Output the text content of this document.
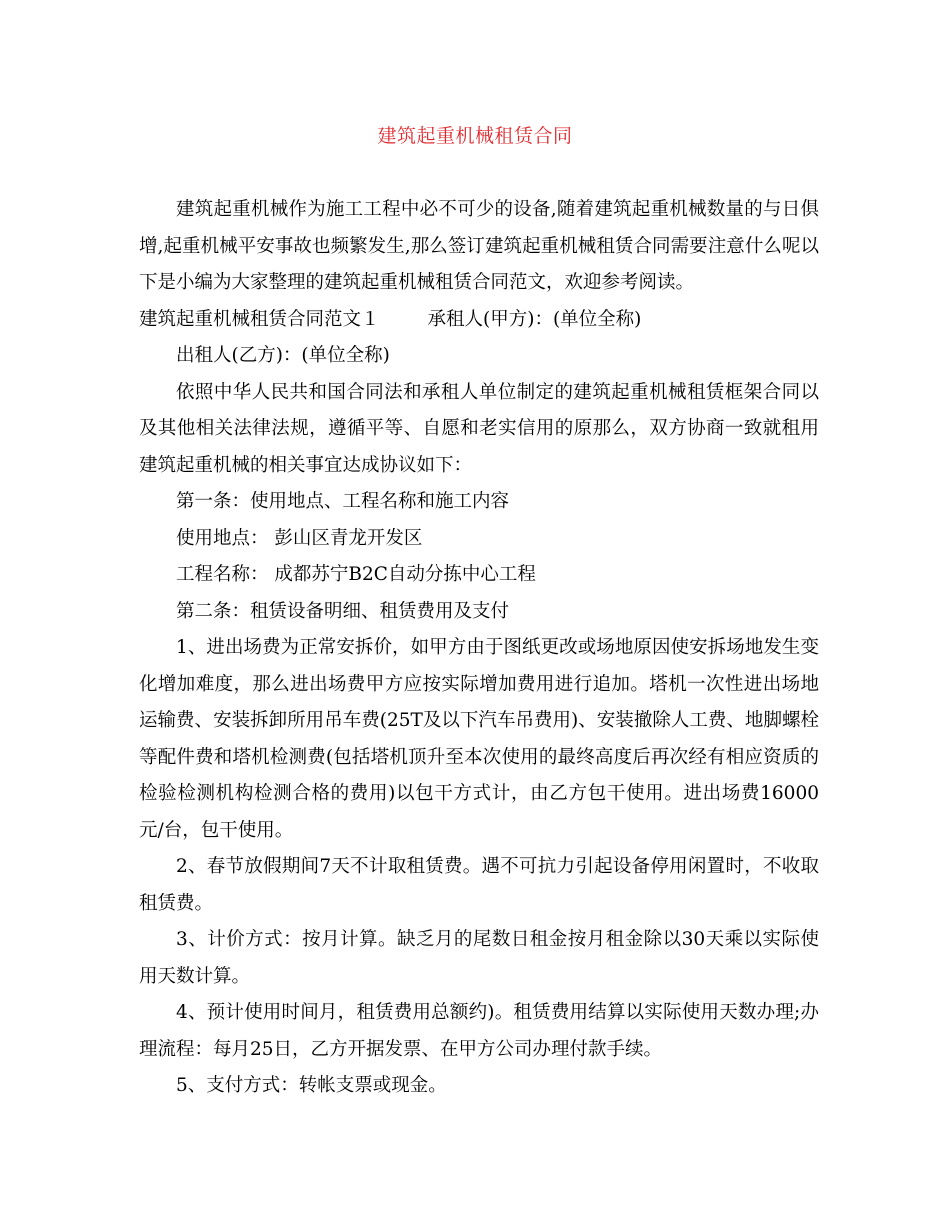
建筑起重机械租赁合同

建筑起重机械作为施工工程中必不可少的设备,随着建筑起重机械数量的与日俱增,起重机械平安事故也频繁发生,那么签订建筑起重机械租赁合同需要注意什么呢以下是小编为大家整理的建筑起重机械租赁合同范文，欢迎参考阅读。

建筑起重机械租赁合同范文１	承租人(甲方)：(单位全称)

出租人(乙方)：(单位全称)

依照中华人民共和国合同法和承租人单位制定的建筑起重机械租赁框架合同以及其他相关法律法规，遵循平等、自愿和老实信用的原那么，双方协商一致就租用建筑起重机械的相关事宜达成协议如下：

第一条：使用地点、工程名称和施工内容

使用地点： 彭山区青龙开发区

工程名称： 成都苏宁B2C自动分拣中心工程

第二条：租赁设备明细、租赁费用及支付

1、进出场费为正常安拆价，如甲方由于图纸更改或场地原因使安拆场地发生变化增加难度，那么进出场费甲方应按实际增加费用进行追加。塔机一次性进出场地运输费、安装拆卸所用吊车费(25T及以下汽车吊费用)、安装撤除人工费、地脚螺栓等配件费和塔机检测费(包括塔机顶升至本次使用的最终高度后再次经有相应资质的检验检测机构检测合格的费用)以包干方式计，由乙方包干使用。进出场费16000元/台，包干使用。

2、春节放假期间7天不计取租赁费。遇不可抗力引起设备停用闲置时，不收取租赁费。

3、计价方式：按月计算。缺乏月的尾数日租金按月租金除以30天乘以实际使用天数计算。

4、预计使用时间月，租赁费用总额约)。租赁费用结算以实际使用天数办理;办理流程：每月25日，乙方开据发票、在甲方公司办理付款手续。

5、支付方式：转帐支票或现金。
